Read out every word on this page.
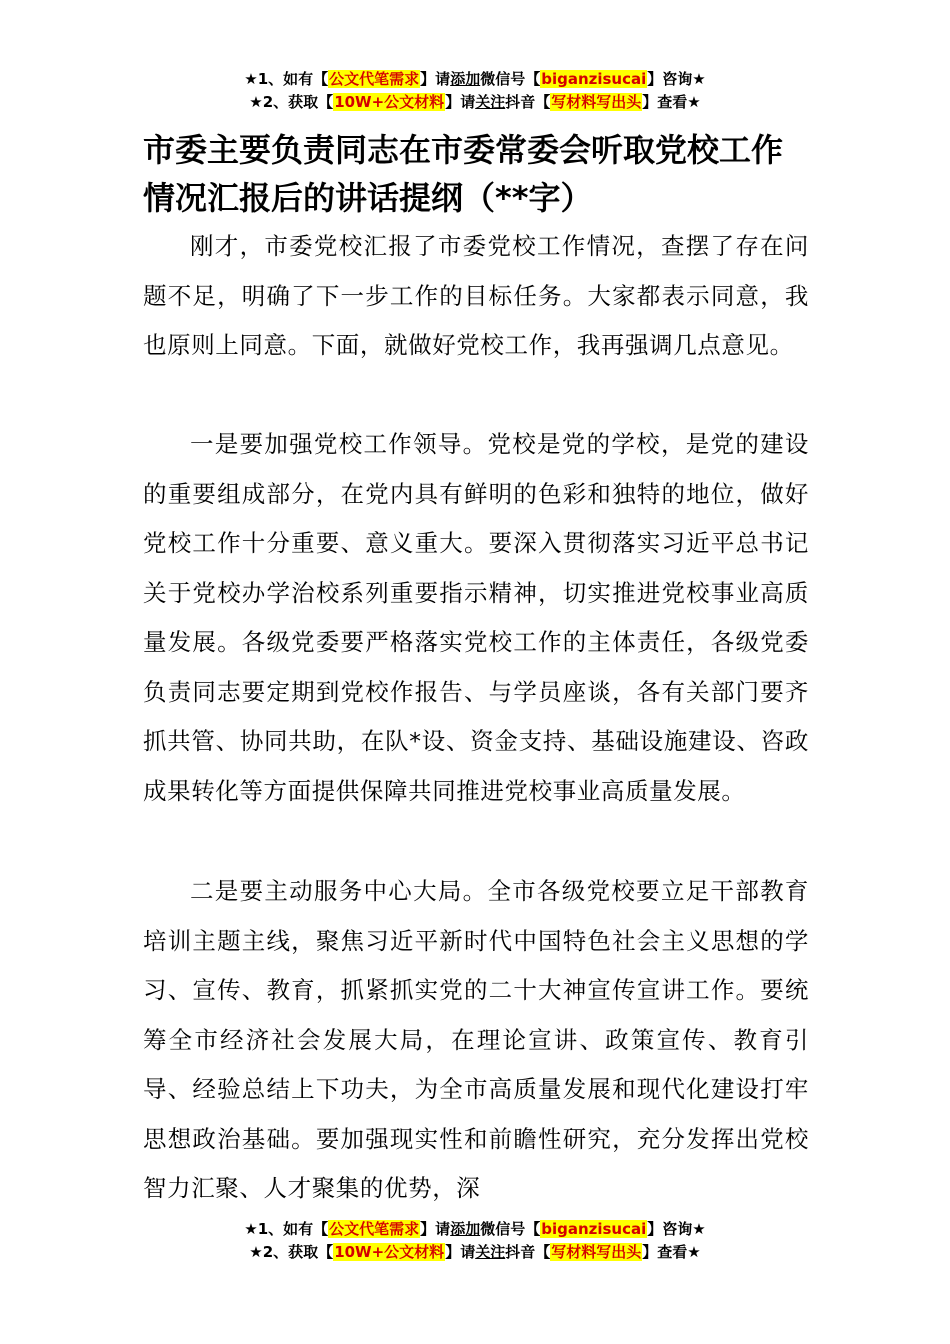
★1、如有【公文代笔需求】请添加微信号【biganzisucai】咨询★
★2、获取【10W+公文材料】请关注抖音【写材料写出头】查看★
市委主要负责同志在市委常委会听取党校工作情况汇报后的讲话提纲（**字）

刚才，市委党校汇报了市委党校工作情况，查摆了存在问题不足，明确了下一步工作的目标任务。大家都表示同意，我也原则上同意。下面，就做好党校工作，我再强调几点意见。

一是要加强党校工作领导。党校是党的学校，是党的建设的重要组成部分，在党内具有鲜明的色彩和独特的地位，做好党校工作十分重要、意义重大。要深入贯彻落实习近平总书记关于党校办学治校系列重要指示精神，切实推进党校事业高质量发展。各级党委要严格落实党校工作的主体责任，各级党委负责同志要定期到党校作报告、与学员座谈，各有关部门要齐抓共管、协同共助，在队*设、资金支持、基础设施建设、咨政成果转化等方面提供保障共同推进党校事业高质量发展。

二是要主动服务中心大局。全市各级党校要立足干部教育培训主题主线，聚焦习近平新时代中国特色社会主义思想的学习、宣传、教育，抓紧抓实党的二十大神宣传宣讲工作。要统筹全市经济社会发展大局，在理论宣讲、政策宣传、教育引导、经验总结上下功夫，为全市高质量发展和现代化建设打牢思想政治基础。要加强现实性和前瞻性研究，充分发挥出党校智力汇聚、人才聚集的优势，深

★1、如有【公文代笔需求】请添加微信号【biganzisucai】咨询★
★2、获取【10W+公文材料】请关注抖音【写材料写出头】查看★
